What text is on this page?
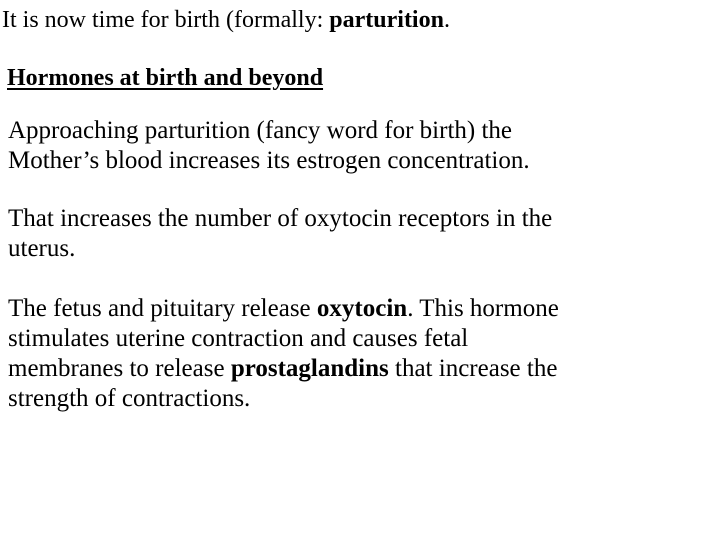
It is now time for birth (formally: parturition.

Hormones at birth and beyond

Approaching parturition (fancy word for birth) the
Mother’s blood increases its estrogen concentration.

That increases the number of oxytocin receptors in the
uterus.

The fetus and pituitary release oxytocin. This hormone
stimulates uterine contraction and causes fetal
membranes to release prostaglandins that increase the
strength of contractions.
